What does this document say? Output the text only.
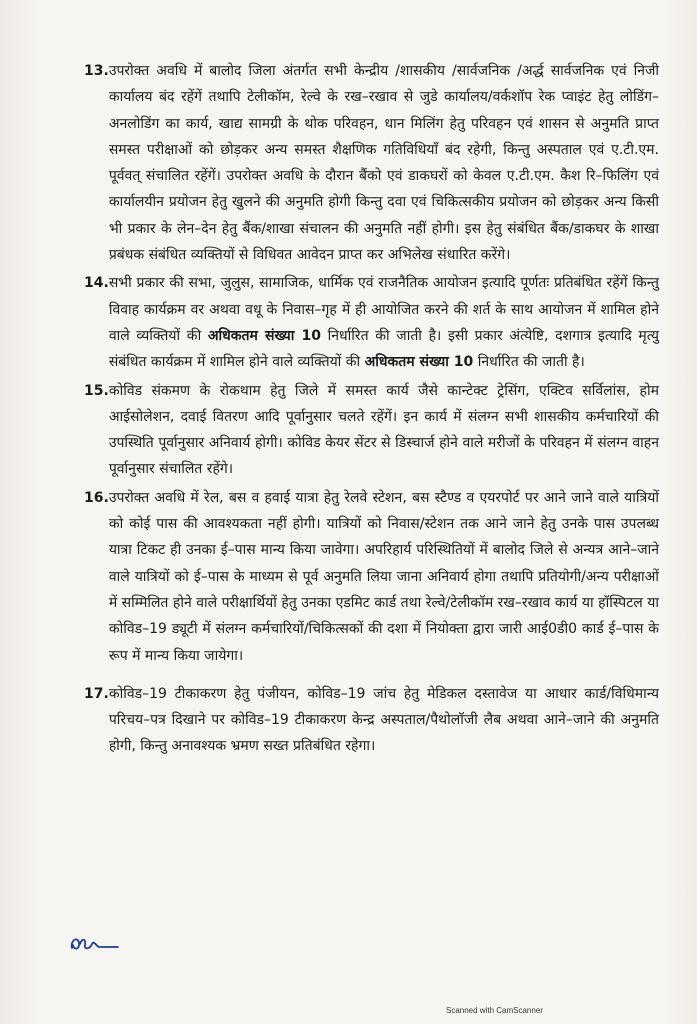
13. उपरोक्त अवधि में बालोद जिला अंतर्गत सभी केन्द्रीय /शासकीय /सार्वजनिक /अर्द्ध सार्वजनिक एवं निजी कार्यालय बंद रहेंगें तथापि टेलीकॉम, रेल्वे के रख–रखाव से जुडे कार्यालय/वर्कशॉप रेक प्वाइंट हेतु लोडिंग–अनलोडिंग का कार्य, खाद्य सामग्री के थोक परिवहन, धान मिलिंग हेतु परिवहन एवं शासन से अनुमति प्राप्त समस्त परीक्षाओं को छोड़कर अन्य समस्त शैक्षणिक गतिविधियॉं बंद रहेगी, किन्तु अस्पताल एवं ए.टी.एम. पूर्ववत् संचालित रहेंगें। उपरोक्त अवधि के दौरान बैंको एवं डाकघरों को केवल ए.टी.एम. कैश रि–फिलिंग एवं कार्यालयीन प्रयोजन हेतु खुलने की अनुमति होगी किन्तु दवा एवं चिकित्सकीय प्रयोजन को छोड़कर अन्य किसी भी प्रकार के लेन–देन हेतु बैंक/शाखा संचालन की अनुमति नहीं होगी। इस हेतु संबंधित बैंक/डाकघर के शाखा प्रबंधक संबंधित व्यक्तियों से विधिवत आवेदन प्राप्त कर अभिलेख संधारित करेंगे।
14. सभी प्रकार की सभा, जुलुस, सामाजिक, धार्मिक एवं राजनैतिक आयोजन इत्यादि पूर्णतः प्रतिबंधित रहेंगें किन्तु विवाह कार्यक्रम वर अथवा वधू के निवास–गृह में ही आयोजित करने की शर्त के साथ आयोजन में शामिल होने वाले व्यक्तियों की अधिकतम संख्या 10 निर्धारित की जाती है। इसी प्रकार अंत्येष्टि, दशगात्र इत्यादि मृत्यु संबंधित कार्यक्रम में शामिल होने वाले व्यक्तियों की अधिकतम संख्या 10 निर्धारित की जाती है।
15. कोविड संकमण के रोकथाम हेतु जिले में समस्त कार्य जैसे कान्टेक्ट ट्रेसिंग, एक्टिव सर्विलांस, होम आईसोलेशन, दवाई वितरण आदि पूर्वानुसार चलते रहेंगें। इन कार्य में संलग्न सभी शासकीय कर्मचारियों की उपस्थिति पूर्वानुसार अनिवार्य होगी। कोविड केयर सेंटर से डिस्चार्ज होने वाले मरीजों के परिवहन में संलग्न वाहन पूर्वानुसार संचालित रहेंगे।
16. उपरोक्त अवधि में रेल, बस व हवाई यात्रा हेतु रेलवे स्टेशन, बस स्टैण्ड व एयरपोर्ट पर आने जाने वाले यात्रियों को कोई पास की आवश्यकता नहीं होगी। यात्रियों को निवास/स्टेशन तक आने जाने हेतु उनके पास उपलब्ध यात्रा टिकट ही उनका ई–पास मान्य किया जावेगा। अपरिहार्य परिस्थितियों में बालोद जिले से अन्यत्र आने–जाने वाले यात्रियों को ई–पास के माध्यम से पूर्व अनुमति लिया जाना अनिवार्य होगा तथापि प्रतियोगी/अन्य परीक्षाओं में सम्मिलित होने वाले परीक्षार्थियों हेतु उनका एडमिट कार्ड तथा रेल्वे/टेलीकॉम रख–रखाव कार्य या हॉस्पिटल या कोविड–19 ड्यूटी में संलग्न कर्मचारियों/चिकित्सकों की दशा में नियोक्ता द्वारा जारी आई0डी0 कार्ड ई–पास के रूप में मान्य किया जायेगा।
17. कोविड–19 टीकाकरण हेतु पंजीयन, कोविड–19 जांच हेतु मेडिकल दस्तावेज या आधार कार्ड/विधिमान्य परिचय–पत्र दिखाने पर कोविड–19 टीकाकरण केन्द्र अस्पताल/पैथोलॉजी लैब अथवा आने–जाने की अनुमति होगी, किन्तु अनावश्यक भ्रमण सख्त प्रतिबंधित रहेगा।
Scanned with CamScanner
